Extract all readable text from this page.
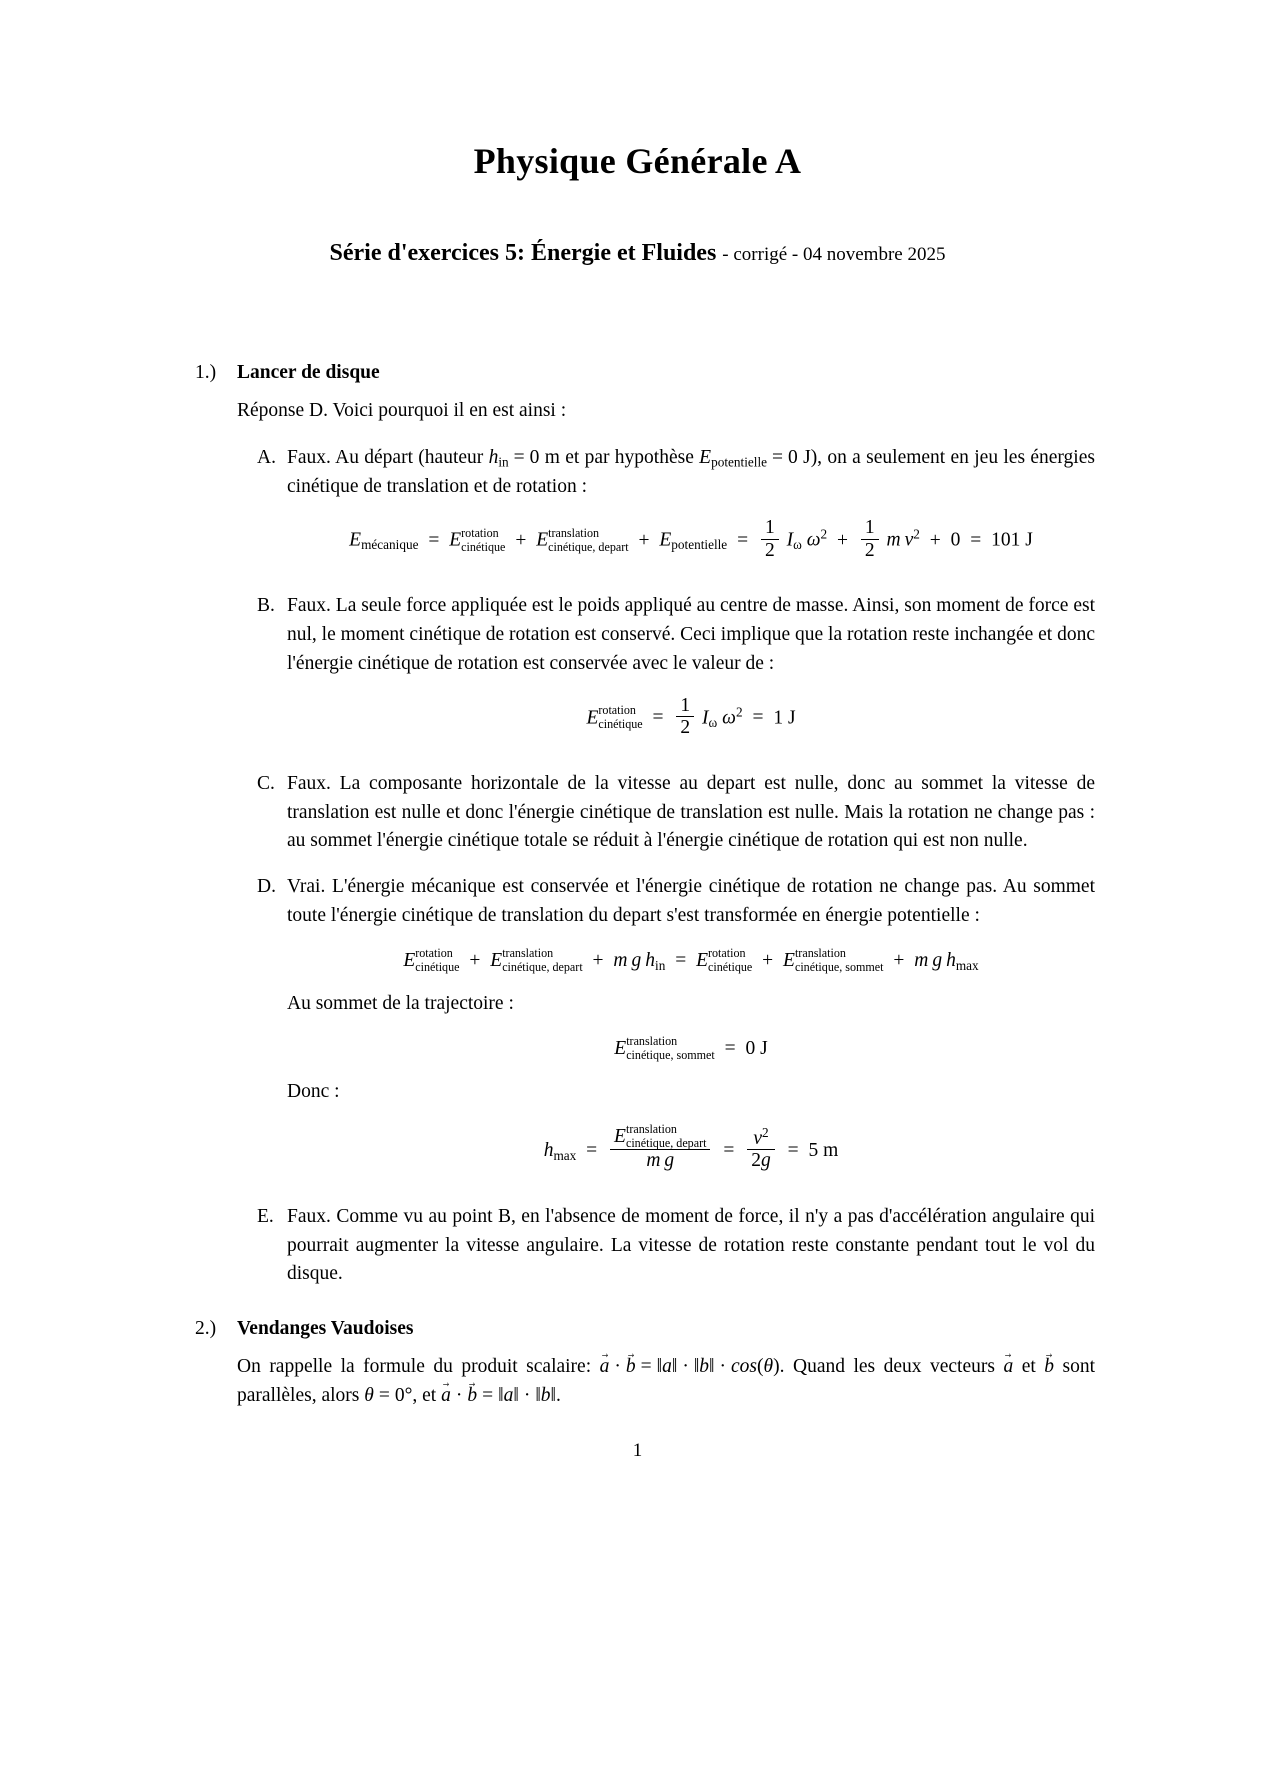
Physique Générale A
Série d'exercices 5: Énergie et Fluides - corrigé - 04 novembre 2025
1.)	Lancer de disque
Réponse D. Voici pourquoi il en est ainsi :
A. Faux. Au départ (hauteur $h_{in} = 0$ m et par hypothèse $E_{potentielle} = 0$ J), on a seulement en jeu les énergies cinétique de translation et de rotation :
$E_{mécanique} = E$ rotation
cinétique + E translation
cinétique, depart + $E_{potentielle} = \frac{1}{2} I_\omega$ $\omega^2 + \frac{1}{2}$ m $v^2 + 0 = 101$ J
B. Faux. La seule force appliquée est le poids appliqué au centre de masse. Ainsi, son moment de force est nul, le moment cinétique de rotation est conservé. Ceci implique que la rotation reste inchangée et donc l'énergie cinétique de rotation est conservée avec le valeur de :
E rotation
cinétique = $\frac{1}{2} I_\omega$ $\omega^2 = 1$ J
C. Faux. La composante horizontale de la vitesse au depart est nulle, donc au sommet la vitesse de translation est nulle et donc l'énergie cinétique de translation est nulle. Mais la rotation ne change pas : au sommet l'énergie cinétique totale se réduit à l'énergie cinétique de rotation qui est non nulle.
D. Vrai. L'énergie mécanique est conservée et l'énergie cinétique de rotation ne change pas. Au sommet toute l'énergie cinétique de translation du depart s'est transformée en énergie potentielle :
E rotation
cinétique + E translation
cinétique, depart + m g $h_{in} = E$ rotation
cinétique + E translation
cinétique, sommet + m g $h_{max}$
Au sommet de la trajectoire :
E translation
cinétique, sommet = 0 J
Donc :
$h_{max} = E$ translation
cinétique, depart
m $g = \frac{v^2}{2g} = 5$ m
E. Faux. Comme vu au point B, en l'absence de moment de force, il n'y a pas d'accélération angulaire qui pourrait augmenter la vitesse angulaire. La vitesse de rotation reste constante pendant tout le vol du disque.
2.)	Vendanges Vaudoises
On rappelle la formule du produit scalaire: a → · b → = ‖a‖ · ‖b‖ · cos(θ). Quand les deux vecteurs a → et b → sont parallèles, alors θ = 0°, et a → · b → = ‖a‖ · ‖b‖.
1
